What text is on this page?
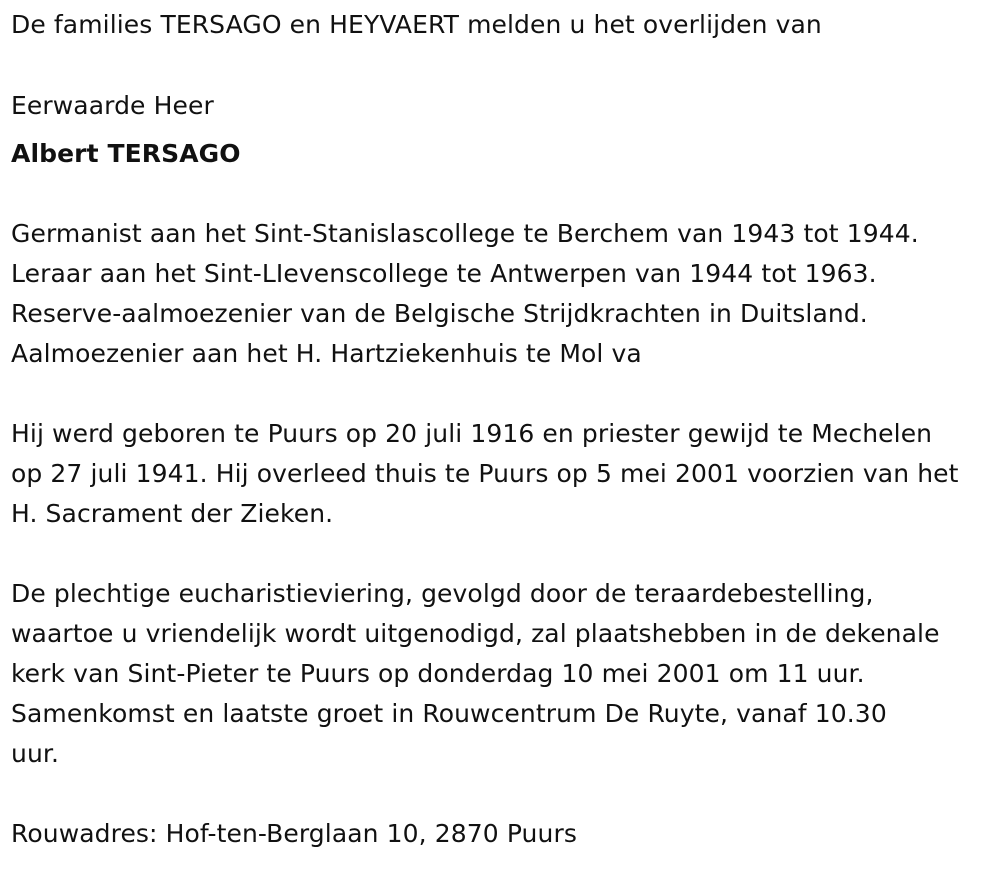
De families TERSAGO en HEYVAERT melden u het overlijden van
Eerwaarde Heer
Albert TERSAGO
Germanist aan het Sint-Stanislascollege te Berchem van 1943 tot 1944.
Leraar aan het Sint-LIevenscollege te Antwerpen van 1944 tot 1963.
Reserve-aalmoezenier van de Belgische Strijdkrachten in Duitsland.
Aalmoezenier aan het H. Hartziekenhuis te Mol va
Hij werd geboren te Puurs op 20 juli 1916 en priester gewijd te Mechelen
op 27 juli 1941. Hij overleed thuis te Puurs op 5 mei 2001 voorzien van het
H. Sacrament der Zieken.
De plechtige eucharistieviering, gevolgd door de teraardebestelling,
waartoe u vriendelijk wordt uitgenodigd, zal plaatshebben in de dekenale
kerk van Sint-Pieter te Puurs op donderdag 10 mei 2001 om 11 uur.
Samenkomst en laatste groet in Rouwcentrum De Ruyte, vanaf 10.30
uur.
Rouwadres: Hof-ten-Berglaan 10, 2870 Puurs
